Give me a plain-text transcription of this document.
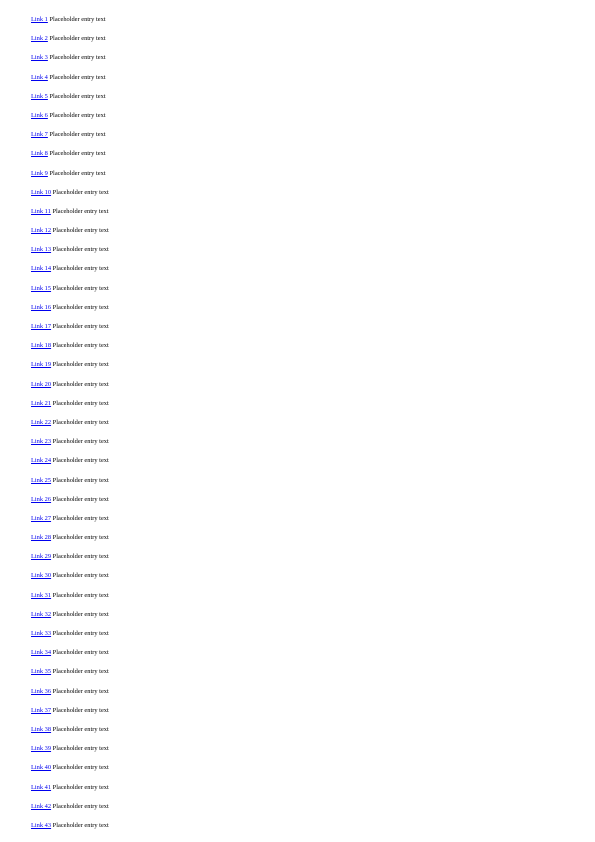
Link 1 Placeholder entry text
Link 2 Placeholder entry text
Link 3 Placeholder entry text
Link 4 Placeholder entry text
Link 5 Placeholder entry text
Link 6 Placeholder entry text
Link 7 Placeholder entry text
Link 8 Placeholder entry text
Link 9 Placeholder entry text
Link 10 Placeholder entry text
Link 11 Placeholder entry text
Link 12 Placeholder entry text
Link 13 Placeholder entry text
Link 14 Placeholder entry text
Link 15 Placeholder entry text
Link 16 Placeholder entry text
Link 17 Placeholder entry text
Link 18 Placeholder entry text
Link 19 Placeholder entry text
Link 20 Placeholder entry text
Link 21 Placeholder entry text
Link 22 Placeholder entry text
Link 23 Placeholder entry text
Link 24 Placeholder entry text
Link 25 Placeholder entry text
Link 26 Placeholder entry text
Link 27 Placeholder entry text
Link 28 Placeholder entry text
Link 29 Placeholder entry text
Link 30 Placeholder entry text
Link 31 Placeholder entry text
Link 32 Placeholder entry text
Link 33 Placeholder entry text
Link 34 Placeholder entry text
Link 35 Placeholder entry text
Link 36 Placeholder entry text
Link 37 Placeholder entry text
Link 38 Placeholder entry text
Link 39 Placeholder entry text
Link 40 Placeholder entry text
Link 41 Placeholder entry text
Link 42 Placeholder entry text
Link 43 Placeholder entry text
